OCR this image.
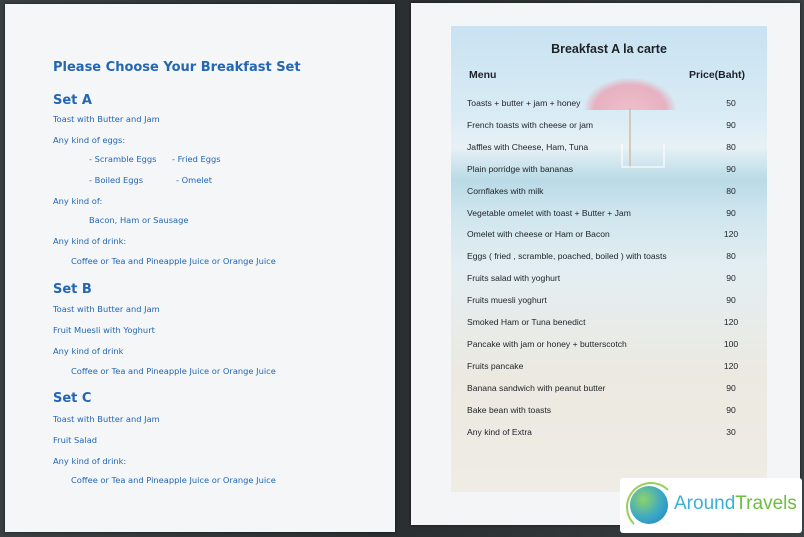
Please Choose Your Breakfast Set
Set A
Toast with Butter and Jam
Any kind of eggs:
- Scramble Eggs - Fried Eggs
- Boiled Eggs	- Omelet
Any kind of:
Bacon, Ham or Sausage
Any kind of drink:
Coffee or Tea and Pineapple Juice or Orange Juice
Set B
Toast with Butter and Jam
Fruit Muesli with Yoghurt
Any kind of drink
Coffee or Tea and Pineapple Juice or Orange Juice
Set C
Toast with Butter and Jam
Fruit Salad
Any kind of drink:
Coffee or Tea and Pineapple Juice or Orange Juice
Breakfast A la carte
Menu	Price(Baht)
Toasts + butter + jam + honey	50
French toasts with cheese or jam	90
Jaffles with Cheese, Ham, Tuna	80
Plain porridge with bananas	90
Cornflakes with milk	80
Vegetable omelet with toast + Butter + Jam	90
Omelet with cheese or Ham or Bacon	120
Eggs ( fried , scramble, poached, boiled ) with toasts	80
Fruits salad with yoghurt	90
Fruits muesli yoghurt	90
Smoked Ham or Tuna benedict	120
Pancake with jam or honey + butterscotch	100
Fruits pancake	120
Banana sandwich with peanut butter	90
Bake bean with toasts	90
Any kind of Extra	30
AroundTravels
